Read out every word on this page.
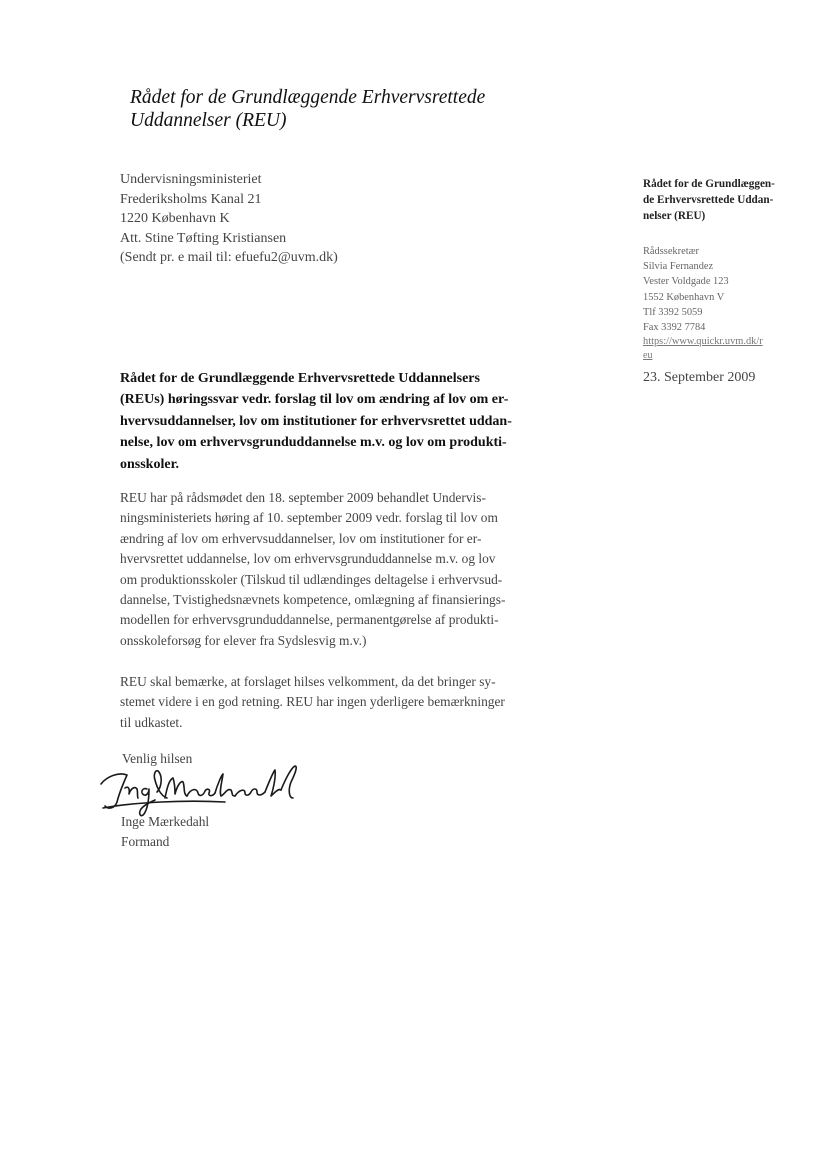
Rådet for de Grundlæggende Erhvervsrettede
Uddannelser (REU)
Undervisningsministeriet
Frederiksholms Kanal 21
1220 København K
Att. Stine Tøfting Kristiansen
(Sendt pr. e mail til: efuefu2@uvm.dk)
Rådet for de Grundlæggen-
de Erhvervsrettede Uddan-
nelser (REU)
Rådssekretær
Silvia Fernandez
Vester Voldgade 123
1552 København V
Tlf 3392 5059
Fax 3392 7784
https://www.quickr.uvm.dk/r
eu
23. September 2009
Rådet for de Grundlæggende Erhvervsrettede Uddannelsers
(REUs) høringssvar vedr. forslag til lov om ændring af lov om er-
hvervsuddannelser, lov om institutioner for erhvervsrettet uddan-
nelse, lov om erhvervsgrunduddannelse m.v. og lov om produkti-
onsskoler.

REU har på rådsmødet den 18. september 2009 behandlet Undervis-
ningsministeriets høring af 10. september 2009 vedr. forslag til lov om
ændring af lov om erhvervsuddannelser, lov om institutioner for er-
hvervsrettet uddannelse, lov om erhvervsgrunduddannelse m.v. og lov
om produktionsskoler (Tilskud til udlændinges deltagelse i erhvervsud-
dannelse, Tvistighedsnævnets kompetence, omlægning af finansierings-
modellen for erhvervsgrunduddannelse, permanentgørelse af produkti-
onsskoleforsøg for elever fra Sydslesvig m.v.)

REU skal bemærke, at forslaget hilses velkomment, da det bringer sy-
stemet videre i en god retning. REU har ingen yderligere bemærkninger
til udkastet.

Venlig hilsen
Inge Mærkedahl
Formand
